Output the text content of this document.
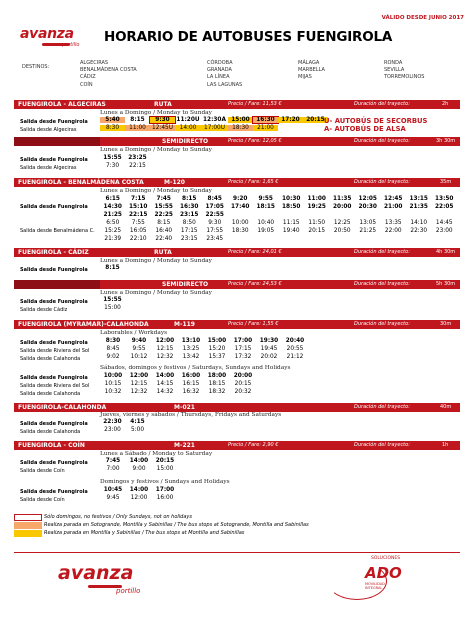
VÁLIDO DESDE JUNIO 2017
avanza
portillo HORARIO DE AUTOBUSES FUENGIROLA
DESTINOS:
ALGECIRAS
BENALMÁDENA COSTA
CÁDIZ
COÍN
CÓRDOBA
GRANADA
LA LÍNEA
LAS LAGUNAS
MÁLAGA
MARBELLA
MIJAS
RONDA
SEVILLA
TORREMOLINOS
FUENGIROLA - ALGECIRAS	RUTA	Precio / Fare: 11,53 €	Duración del trayecto:	2h
Lunes a Domingo / Monday to Sunday
Salida desde Fuengirola	5:40 8:15 9:30 11:20U 12:30A 15:00 16:30 17:20 20:15
Salida desde Algeciras	8:30 11:00 12:45U 14:00 17:00U 18:30 21:00
U- AUTOBÚS DE SECORBUS
A- AUTOBÚS DE ALSA
SEMIDIRECTO	Precio / Fare: 12,05 €	Duración del trayecto:	3h 30m
Lunes a Domingo / Monday to Sunday
Salida desde Fuengirola	15:55 23:25
Salida desde Algeciras	7:30 22:15
FUENGIROLA - BENALMÁDENA COSTA	M-120	Precio / Fare: 1,65 €	Duración del trayecto:	35m
Lunes a Domingo / Monday to Sunday
Salida desde Fuengirola
6:15 7:15 7:45 8:15 8:45 9:20 9:55 10:30 11:00 11:35 12:05 12:45 13:15 13:50
14:30 15:10 15:55 16:30 17:05 17:40 18:15 18:50 19:25 20:00 20:30 21:00 21:35 22:05
21:25 22:15 22:25 23:15 22:55
Salida desde Benalmádena C.
6:50 7:55 8:15 8:50 9:30 10:00 10:40 11:15 11:50 12:25 13:05 13:35 14:10 14:45
15:25 16:05 16:40 17:15 17:55 18:30 19:05 19:40 20:15 20:50 21:25 22:00 22:30 23:00
21:39 22:10 22:40 23:15 23:45
FUENGIROLA - CÁDIZ	RUTA	Precio / Fare: 24,01 €	Duración del trayecto:	4h 30m
Lunes a Domingo / Monday to Sunday
Salida desde Fuengirola	8:15
SEMIDIRECTO	Precio / Fare: 24,53 €	Duración del trayecto:	5h 30m
Lunes a Domingo / Monday to Sunday
Salida desde Fuengirola	15:55
Salida desde Cádiz	15:00
FUENGIROLA (MYRAMAR)-CALAHONDA	M-119	Precio / Fare: 1,55 €	Duración del trayecto:	30m
Laborables / Workdays
Salida desde Fuengirola	8:30 9:40 12:00 13:10 15:00 17:00 19:30 20:40
Salida desde Riviera del Sol	8:45 9:55 12:15 13:25 15:20 17:15 19:45 20:55
Salida desde Calahonda	9:02 10:12 12:32 13:42 15:37 17:32 20:02 21:12
Sábados, domingos y festivos / Saturdays, Sundays and Holidays
Salida desde Fuengirola	10:00 12:00 14:00 16:00 18:00 20:00
Salida desde Riviera del Sol	10:15 12:15 14:15 16:15 18:15 20:15
Salida desde Calahonda	10:32 12:32 14:32 16:32 18:32 20:32
FUENGIROLA-CALAHONDA	M-021	Duración del trayecto:	40m
Jueves, viernes y sábados / Thursdays, Fridays and Saturdays
Salida desde Fuengirola	22:30 4:15
Salida desde Calahonda	23:00 5:00
FUENGIROLA - COÍN	M-221	Precio / Fare: 2,90 €	Duración del trayecto:	1h
Lunes a Sábado / Monday to Saturday
Salida desde Fuengirola	7:45 14:00 20:15
Salida desde Coín	7:00 9:00 15:00
Domingos y festivos / Sundays and Holidays
Salida desde Fuengirola	10:45 14:00 17:00
Salida desde Coín	9:45 12:00 16:00
Sólo domingos, no festivos / Only Sundays, not on holidays
Realiza parada en Sotogrande, Montilla y Sabinillas / The bus stops at Sotogrande, Montilla and Sabinillas
Realiza parada en Montilla y Sabinillas / The bus stops at Montilla and Sabinillas
avanza
portillo
SOLUCIONES
ADO
MOVILIDAD INTEGRAL
